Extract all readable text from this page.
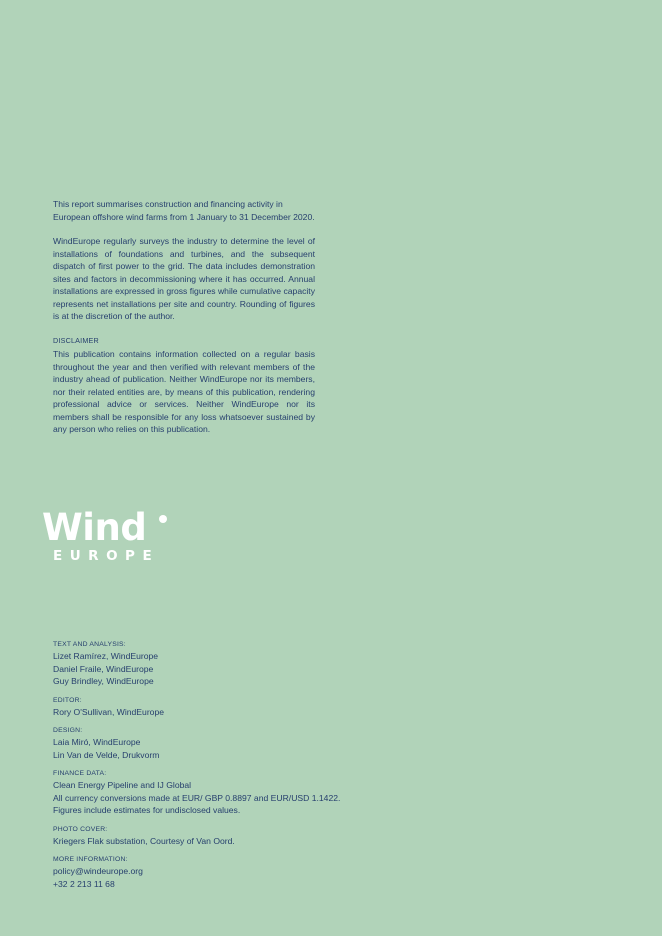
This report summarises construction and financing activity in European offshore wind farms from 1 January to 31 December 2020.

WindEurope regularly surveys the industry to determine the level of installations of foundations and turbines, and the subsequent dispatch of first power to the grid. The data includes demonstration sites and factors in decommissioning where it has occurred. Annual installations are expressed in gross figures while cumulative capacity represents net installations per site and country. Rounding of figures is at the discretion of the author.

DISCLAIMER

This publication contains information collected on a regular basis throughout the year and then verified with relevant members of the industry ahead of publication. Neither WindEurope nor its members, nor their related entities are, by means of this publication, rendering professional advice or services. Neither WindEurope nor its members shall be responsible for any loss whatsoever sustained by any person who relies on this publication.

Wind
EUROPE
TEXT AND ANALYSIS:
Lizet Ramírez, WindEurope
Daniel Fraile, WindEurope
Guy Brindley, WindEurope
EDITOR:
Rory O'Sullivan, WindEurope
DESIGN:
Laia Miró, WindEurope
Lin Van de Velde, Drukvorm
FINANCE DATA:
Clean Energy Pipeline and IJ Global
All currency conversions made at EUR/ GBP 0.8897 and EUR/USD 1.1422.
Figures include estimates for undisclosed values.
PHOTO COVER:
Kriegers Flak substation, Courtesy of Van Oord.
MORE INFORMATION:
policy@windeurope.org
+32 2 213 11 68
